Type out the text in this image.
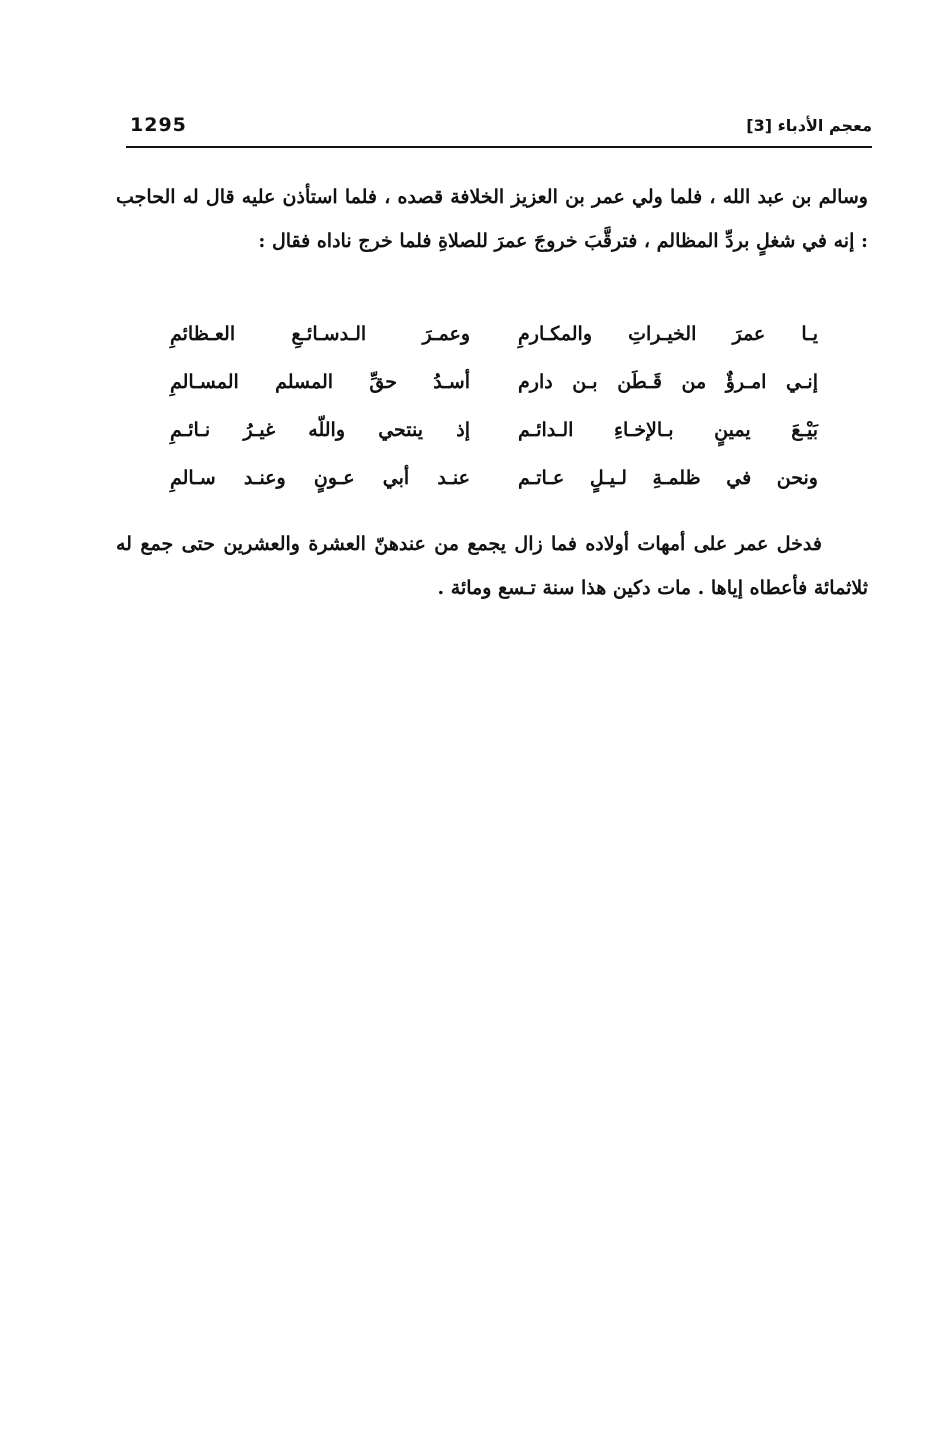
1295	معجم الأدباء [3]

وسالم بن عبد الله ، فلما ولي عمر بن العزيز الخلافة قصده ، فلما استأذن عليه قال له الحاجب : إنه في شغلٍ بردِّ المظالم ، فترقَّبَ خروجَ عمرَ للصلاةِ فلما خرج ناداه فقال :

يـا عمرَ الخيـراتِ والمكـارمِ
وعمـرَ الـدسـائـعِ العـظائمِ
إنـي امـرؤٌ من قَـطَن بـن دارم
أسـدُ حقِّ المسلم المسـالمِ
بَيْـعَ يمينٍ بـالإخـاءِ الـدائـم
إذ ينتحي واللّه غيـرُ نـائـمِ
ونحن في ظلمـةِ لـيـلٍ عـاتـم
عنـد أبي عـونٍ وعنـد سـالمِ

فدخل عمر على أمهات أولاده فما زال يجمع من عندهنّ العشرة والعشرين حتى جمع له ثلاثمائة فأعطاه إياها . مات دكين هذا سنة تـسع ومائة .
